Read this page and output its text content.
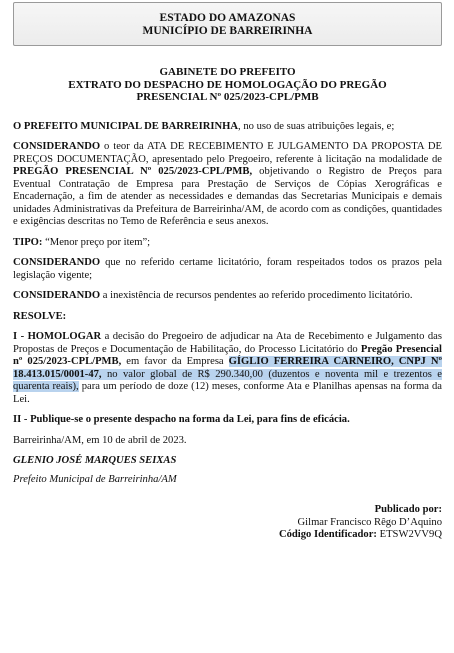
ESTADO DO AMAZONAS
MUNICÍPIO DE BARREIRINHA
GABINETE DO PREFEITO
EXTRATO DO DESPACHO DE HOMOLOGAÇÃO DO PREGÃO
PRESENCIAL Nº 025/2023-CPL/PMB

O PREFEITO MUNICIPAL DE BARREIRINHA, no uso de suas atribuições legais, e;

CONSIDERANDO o teor da ATA DE RECEBIMENTO E JULGAMENTO DA PROPOSTA DE PREÇOS DOCUMENTAÇÃO, apresentado pelo Pregoeiro, referente à licitação na modalidade de PREGÃO PRESENCIAL Nº 025/2023-CPL/PMB, objetivando o Registro de Preços para Eventual Contratação de Empresa para Prestação de Serviços de Cópias Xerográficas e Encadernação, a fim de atender as necessidades e demandas das Secretarias Municipais e demais unidades Administrativas da Prefeitura de Barreirinha/AM, de acordo com as condições, quantidades e exigências descritas no Temo de Referência e seus anexos.

TIPO: “Menor preço por item”;

CONSIDERANDO que no referido certame licitatório, foram respeitados todos os prazos pela legislação vigente;

CONSIDERANDO a inexistência de recursos pendentes ao referido procedimento licitatório.

RESOLVE:

I - HOMOLOGAR a decisão do Pregoeiro de adjudicar na Ata de Recebimento e Julgamento das Propostas de Preços e Documentação de Habilitação, do Processo Licitatório do Pregão Presencial nº 025/2023-CPL/PMB, em favor da Empresa GÍGLIO FERREIRA CARNEIRO, CNPJ Nº 18.413.015/0001-47, no valor global de R$ 290.340,00 (duzentos e noventa mil e trezentos e quarenta reais), para um período de doze (12) meses, conforme Ata e Planilhas apensas na forma da Lei.

II - Publique-se o presente despacho na forma da Lei, para fins de eficácia.

Barreirinha/AM, em 10 de abril de 2023.

GLENIO JOSÉ MARQUES SEIXAS

Prefeito Municipal de Barreirinha/AM

Publicado por:
Gilmar Francisco Rêgo D’Aquino
Código Identificador: ETSW2VV9Q
